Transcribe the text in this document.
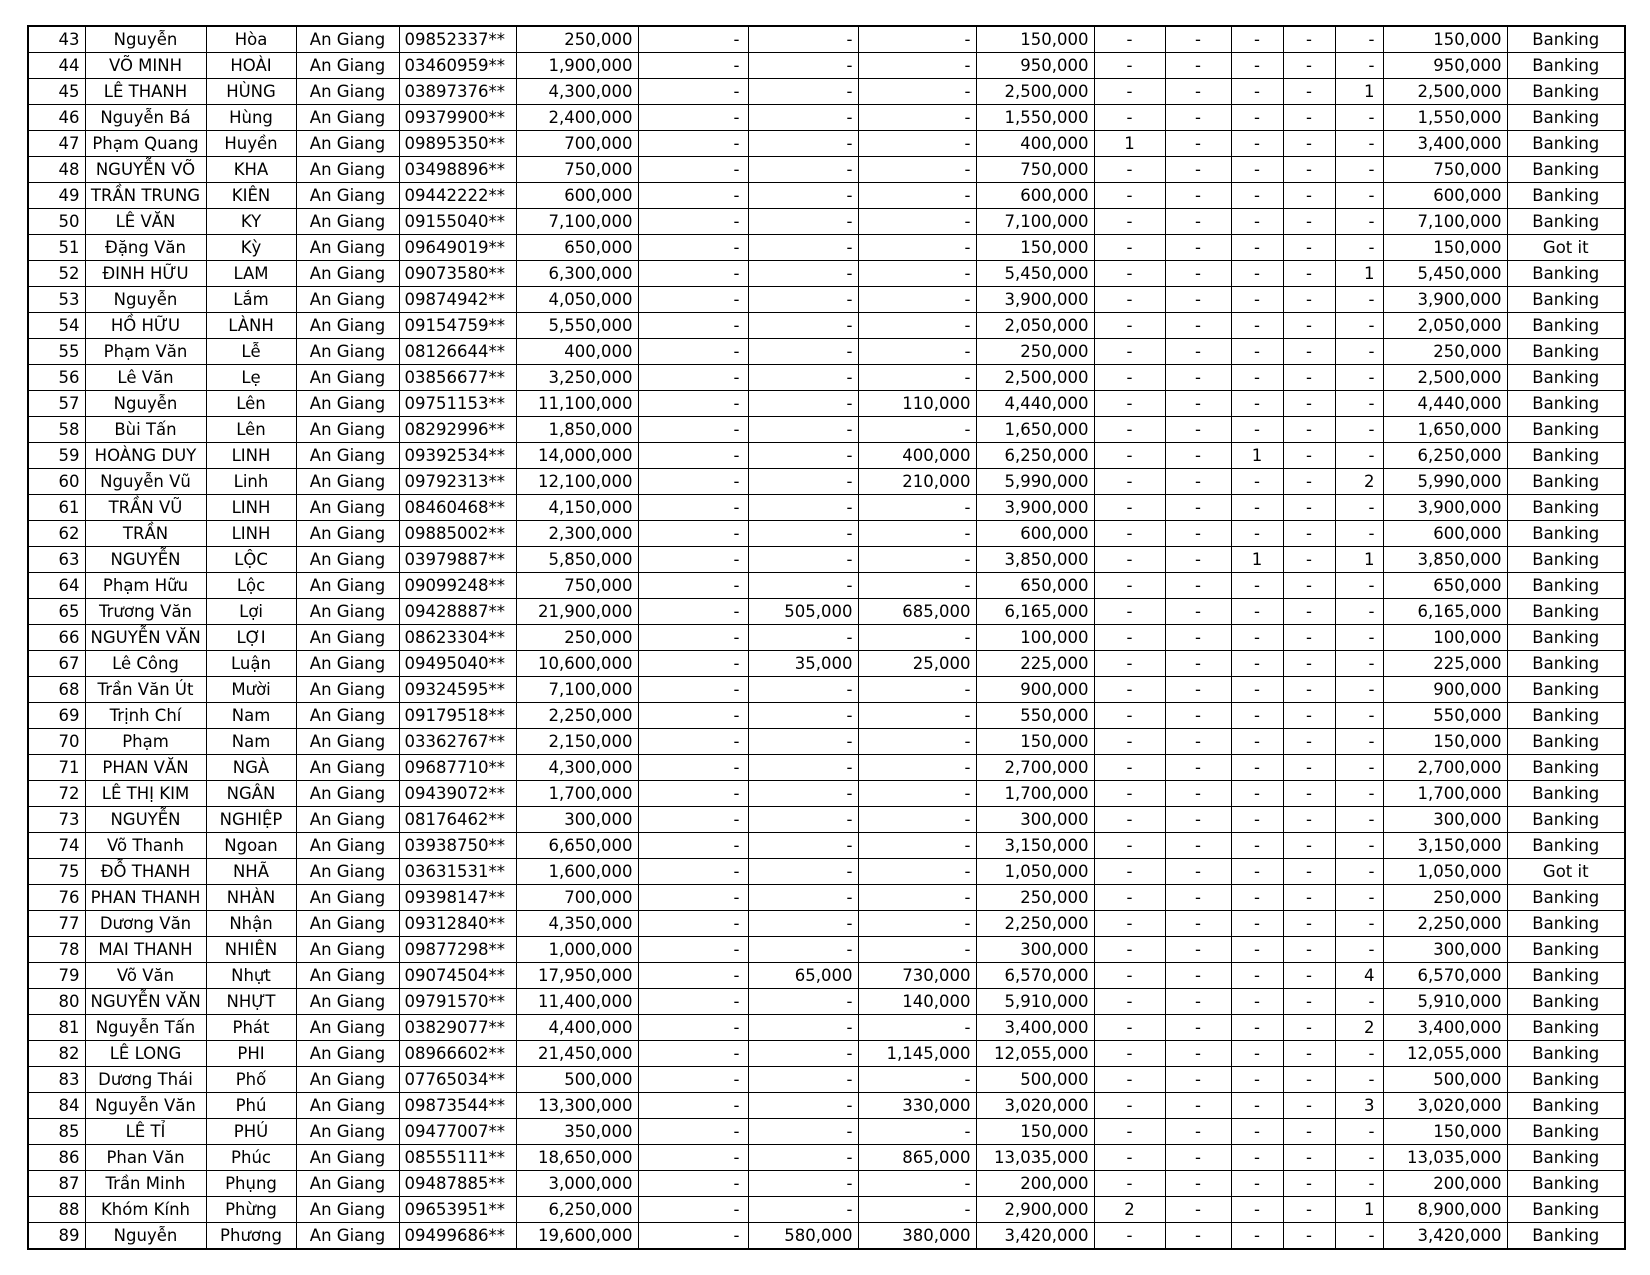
43	Nguyễn	Hòa	An Giang	09852337**	250,000	-	-	-	150,000	-	-	-	-	-	150,000	Banking
44	VÕ MINH	HOÀI	An Giang	03460959**	1,900,000	-	-	-	950,000	-	-	-	-	-	950,000	Banking
45	LÊ THANH	HÙNG	An Giang	03897376**	4,300,000	-	-	-	2,500,000	-	-	-	-	1	2,500,000	Banking
46	Nguyễn Bá	Hùng	An Giang	09379900**	2,400,000	-	-	-	1,550,000	-	-	-	-	-	1,550,000	Banking
47	Phạm Quang	Huyền	An Giang	09895350**	700,000	-	-	-	400,000	1	-	-	-	-	3,400,000	Banking
48	NGUYỄN VÕ	KHA	An Giang	03498896**	750,000	-	-	-	750,000	-	-	-	-	-	750,000	Banking
49	TRẦN TRUNG	KIÊN	An Giang	09442222**	600,000	-	-	-	600,000	-	-	-	-	-	600,000	Banking
50	LÊ VĂN	KY	An Giang	09155040**	7,100,000	-	-	-	7,100,000	-	-	-	-	-	7,100,000	Banking
51	Đặng Văn	Kỳ	An Giang	09649019**	650,000	-	-	-	150,000	-	-	-	-	-	150,000	Got it
52	ĐINH HỮU	LAM	An Giang	09073580**	6,300,000	-	-	-	5,450,000	-	-	-	-	1	5,450,000	Banking
53	Nguyễn	Lắm	An Giang	09874942**	4,050,000	-	-	-	3,900,000	-	-	-	-	-	3,900,000	Banking
54	HỒ HỮU	LÀNH	An Giang	09154759**	5,550,000	-	-	-	2,050,000	-	-	-	-	-	2,050,000	Banking
55	Phạm Văn	Lễ	An Giang	08126644**	400,000	-	-	-	250,000	-	-	-	-	-	250,000	Banking
56	Lê Văn	Lẹ	An Giang	03856677**	3,250,000	-	-	-	2,500,000	-	-	-	-	-	2,500,000	Banking
57	Nguyễn	Lên	An Giang	09751153**	11,100,000	-	-	110,000	4,440,000	-	-	-	-	-	4,440,000	Banking
58	Bùi Tấn	Lên	An Giang	08292996**	1,850,000	-	-	-	1,650,000	-	-	-	-	-	1,650,000	Banking
59	HOÀNG DUY	LINH	An Giang	09392534**	14,000,000	-	-	400,000	6,250,000	-	-	1	-	-	6,250,000	Banking
60	Nguyễn Vũ	Linh	An Giang	09792313**	12,100,000	-	-	210,000	5,990,000	-	-	-	-	2	5,990,000	Banking
61	TRẦN VŨ	LINH	An Giang	08460468**	4,150,000	-	-	-	3,900,000	-	-	-	-	-	3,900,000	Banking
62	TRẦN	LINH	An Giang	09885002**	2,300,000	-	-	-	600,000	-	-	-	-	-	600,000	Banking
63	NGUYỄN	LỘC	An Giang	03979887**	5,850,000	-	-	-	3,850,000	-	-	1	-	1	3,850,000	Banking
64	Phạm Hữu	Lộc	An Giang	09099248**	750,000	-	-	-	650,000	-	-	-	-	-	650,000	Banking
65	Trương Văn	Lợi	An Giang	09428887**	21,900,000	-	505,000	685,000	6,165,000	-	-	-	-	-	6,165,000	Banking
66	NGUYỄN VĂN	LỢI	An Giang	08623304**	250,000	-	-	-	100,000	-	-	-	-	-	100,000	Banking
67	Lê Công	Luận	An Giang	09495040**	10,600,000	-	35,000	25,000	225,000	-	-	-	-	-	225,000	Banking
68	Trần Văn Út	Mười	An Giang	09324595**	7,100,000	-	-	-	900,000	-	-	-	-	-	900,000	Banking
69	Trịnh Chí	Nam	An Giang	09179518**	2,250,000	-	-	-	550,000	-	-	-	-	-	550,000	Banking
70	Phạm	Nam	An Giang	03362767**	2,150,000	-	-	-	150,000	-	-	-	-	-	150,000	Banking
71	PHAN VĂN	NGÀ	An Giang	09687710**	4,300,000	-	-	-	2,700,000	-	-	-	-	-	2,700,000	Banking
72	LÊ THỊ KIM	NGÂN	An Giang	09439072**	1,700,000	-	-	-	1,700,000	-	-	-	-	-	1,700,000	Banking
73	NGUYỄN	NGHIỆP	An Giang	08176462**	300,000	-	-	-	300,000	-	-	-	-	-	300,000	Banking
74	Võ Thanh	Ngoan	An Giang	03938750**	6,650,000	-	-	-	3,150,000	-	-	-	-	-	3,150,000	Banking
75	ĐỖ THANH	NHÃ	An Giang	03631531**	1,600,000	-	-	-	1,050,000	-	-	-	-	-	1,050,000	Got it
76	PHAN THANH	NHÀN	An Giang	09398147**	700,000	-	-	-	250,000	-	-	-	-	-	250,000	Banking
77	Dương Văn	Nhận	An Giang	09312840**	4,350,000	-	-	-	2,250,000	-	-	-	-	-	2,250,000	Banking
78	MAI THANH	NHIÊN	An Giang	09877298**	1,000,000	-	-	-	300,000	-	-	-	-	-	300,000	Banking
79	Võ Văn	Nhựt	An Giang	09074504**	17,950,000	-	65,000	730,000	6,570,000	-	-	-	-	4	6,570,000	Banking
80	NGUYỄN VĂN	NHỰT	An Giang	09791570**	11,400,000	-	-	140,000	5,910,000	-	-	-	-	-	5,910,000	Banking
81	Nguyễn Tấn	Phát	An Giang	03829077**	4,400,000	-	-	-	3,400,000	-	-	-	-	2	3,400,000	Banking
82	LÊ LONG	PHI	An Giang	08966602**	21,450,000	-	-	1,145,000	12,055,000	-	-	-	-	-	12,055,000	Banking
83	Dương Thái	Phố	An Giang	07765034**	500,000	-	-	-	500,000	-	-	-	-	-	500,000	Banking
84	Nguyễn Văn	Phú	An Giang	09873544**	13,300,000	-	-	330,000	3,020,000	-	-	-	-	3	3,020,000	Banking
85	LÊ TỈ	PHÚ	An Giang	09477007**	350,000	-	-	-	150,000	-	-	-	-	-	150,000	Banking
86	Phan Văn	Phúc	An Giang	08555111**	18,650,000	-	-	865,000	13,035,000	-	-	-	-	-	13,035,000	Banking
87	Trần Minh	Phụng	An Giang	09487885**	3,000,000	-	-	-	200,000	-	-	-	-	-	200,000	Banking
88	Khóm Kính	Phừng	An Giang	09653951**	6,250,000	-	-	-	2,900,000	2	-	-	-	1	8,900,000	Banking
89	Nguyễn	Phương	An Giang	09499686**	19,600,000	-	580,000	380,000	3,420,000	-	-	-	-	-	3,420,000	Banking
